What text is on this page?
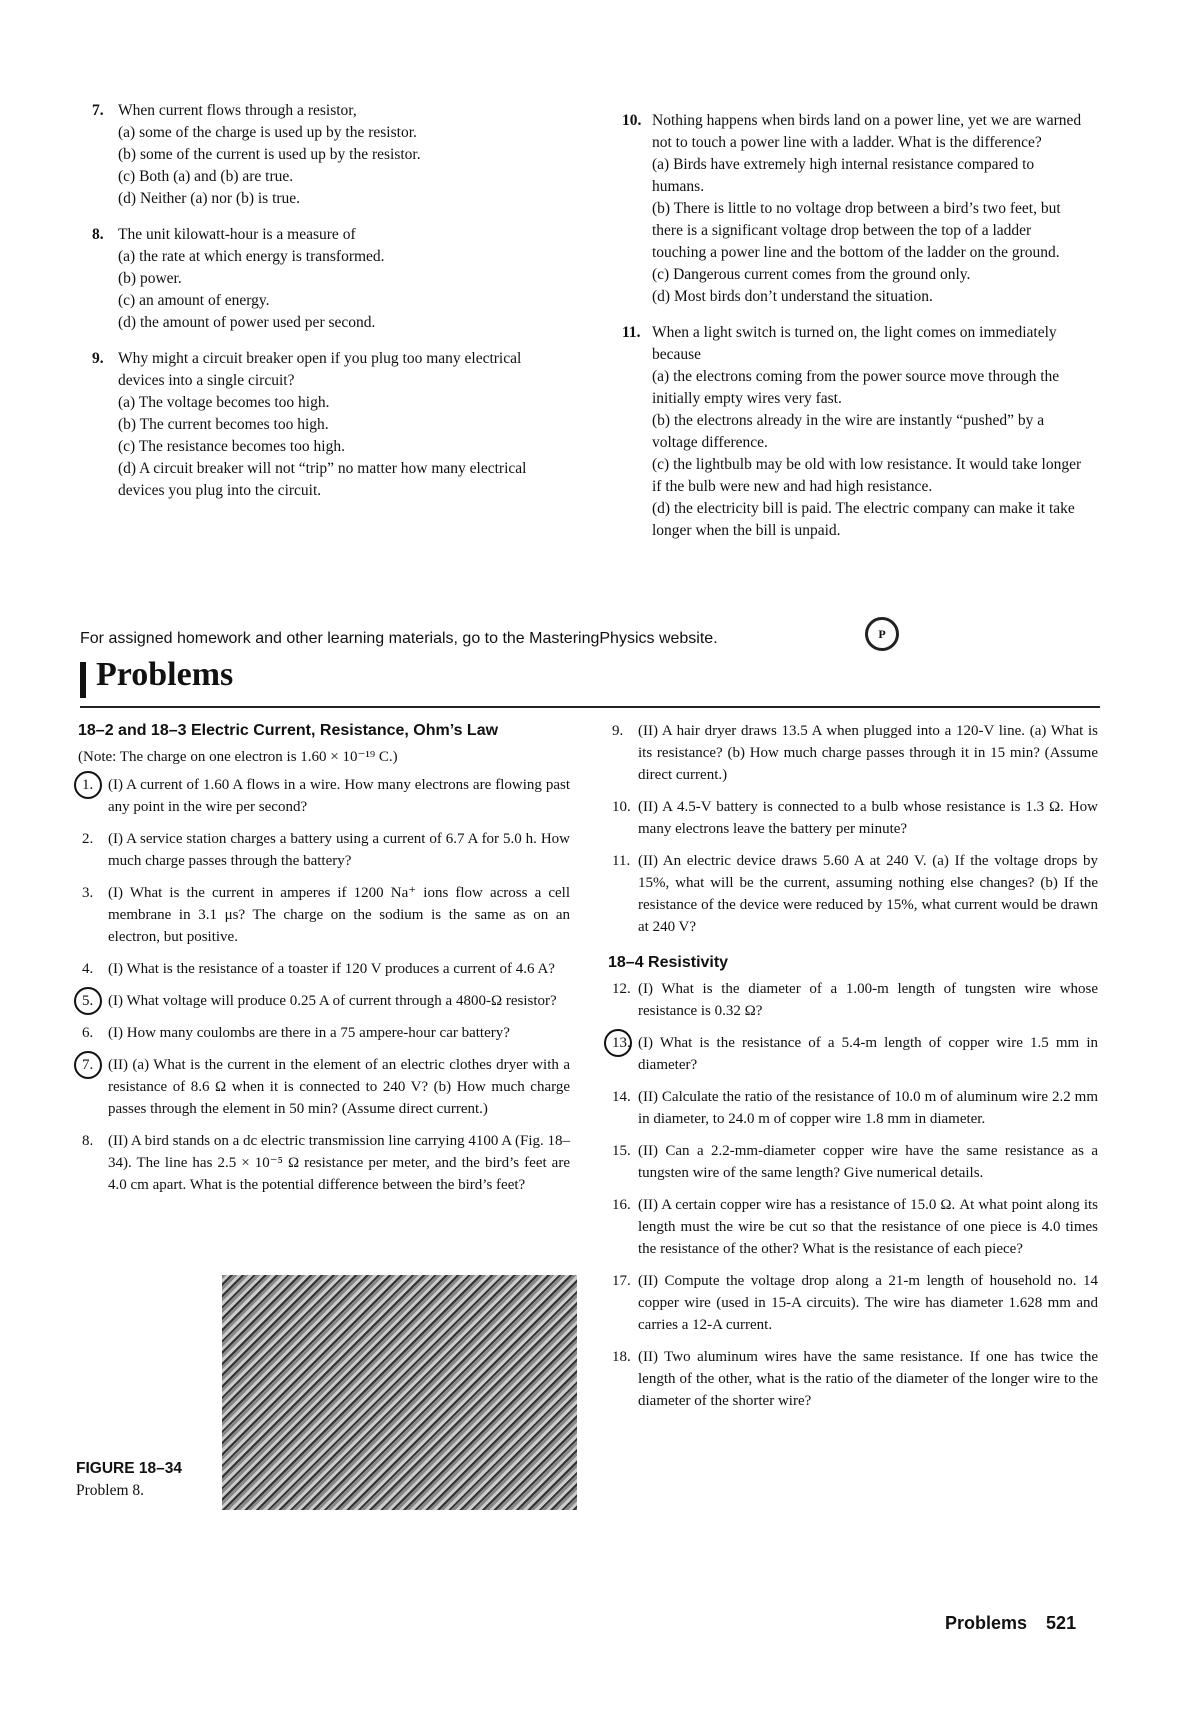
7. When current flows through a resistor,
(a) some of the charge is used up by the resistor.
(b) some of the current is used up by the resistor.
(c) Both (a) and (b) are true.
(d) Neither (a) nor (b) is true.
8. The unit kilowatt-hour is a measure of
(a) the rate at which energy is transformed.
(b) power.
(c) an amount of energy.
(d) the amount of power used per second.
9. Why might a circuit breaker open if you plug too many electrical devices into a single circuit?
(a) The voltage becomes too high.
(b) The current becomes too high.
(c) The resistance becomes too high.
(d) A circuit breaker will not “trip” no matter how many electrical devices you plug into the circuit.
10. Nothing happens when birds land on a power line, yet we are warned not to touch a power line with a ladder. What is the difference?
(a) Birds have extremely high internal resistance compared to humans.
(b) There is little to no voltage drop between a bird’s two feet, but there is a significant voltage drop between the top of a ladder touching a power line and the bottom of the ladder on the ground.
(c) Dangerous current comes from the ground only.
(d) Most birds don’t understand the situation.
11. When a light switch is turned on, the light comes on immediately because
(a) the electrons coming from the power source move through the initially empty wires very fast.
(b) the electrons already in the wire are instantly “pushed” by a voltage difference.
(c) the lightbulb may be old with low resistance. It would take longer if the bulb were new and had high resistance.
(d) the electricity bill is paid. The electric company can make it take longer when the bill is unpaid.
For assigned homework and other learning materials, go to the MasteringPhysics website.	P
Problems
18–2 and 18–3 Electric Current, Resistance, Ohm’s Law
(Note: The charge on one electron is 1.60 × 10⁻¹⁹ C.)
1. (I) A current of 1.60 A flows in a wire. How many electrons are flowing past any point in the wire per second?
2. (I) A service station charges a battery using a current of 6.7 A for 5.0 h. How much charge passes through the battery?
3. (I) What is the current in amperes if 1200 Na⁺ ions flow across a cell membrane in 3.1 μs? The charge on the sodium is the same as on an electron, but positive.
4. (I) What is the resistance of a toaster if 120 V produces a current of 4.6 A?
5. (I) What voltage will produce 0.25 A of current through a 4800-Ω resistor?
6. (I) How many coulombs are there in a 75 ampere-hour car battery?
7. (II) (a) What is the current in the element of an electric clothes dryer with a resistance of 8.6 Ω when it is connected to 240 V? (b) How much charge passes through the element in 50 min? (Assume direct current.)
8. (II) A bird stands on a dc electric transmission line carrying 4100 A (Fig. 18–34). The line has 2.5 × 10⁻⁵ Ω resistance per meter, and the bird’s feet are 4.0 cm apart. What is the potential difference between the bird’s feet?
FIGURE 18–34
Problem 8.
9. (II) A hair dryer draws 13.5 A when plugged into a 120-V line. (a) What is its resistance? (b) How much charge passes through it in 15 min? (Assume direct current.)
10. (II) A 4.5-V battery is connected to a bulb whose resistance is 1.3 Ω. How many electrons leave the battery per minute?
11. (II) An electric device draws 5.60 A at 240 V. (a) If the voltage drops by 15%, what will be the current, assuming nothing else changes? (b) If the resistance of the device were reduced by 15%, what current would be drawn at 240 V?
18–4 Resistivity
12. (I) What is the diameter of a 1.00-m length of tungsten wire whose resistance is 0.32 Ω?
13. (I) What is the resistance of a 5.4-m length of copper wire 1.5 mm in diameter?
14. (II) Calculate the ratio of the resistance of 10.0 m of aluminum wire 2.2 mm in diameter, to 24.0 m of copper wire 1.8 mm in diameter.
15. (II) Can a 2.2-mm-diameter copper wire have the same resistance as a tungsten wire of the same length? Give numerical details.
16. (II) A certain copper wire has a resistance of 15.0 Ω. At what point along its length must the wire be cut so that the resistance of one piece is 4.0 times the resistance of the other? What is the resistance of each piece?
17. (II) Compute the voltage drop along a 21-m length of household no. 14 copper wire (used in 15-A circuits). The wire has diameter 1.628 mm and carries a 12-A current.
18. (II) Two aluminum wires have the same resistance. If one has twice the length of the other, what is the ratio of the diameter of the longer wire to the diameter of the shorter wire?
Problems 521
